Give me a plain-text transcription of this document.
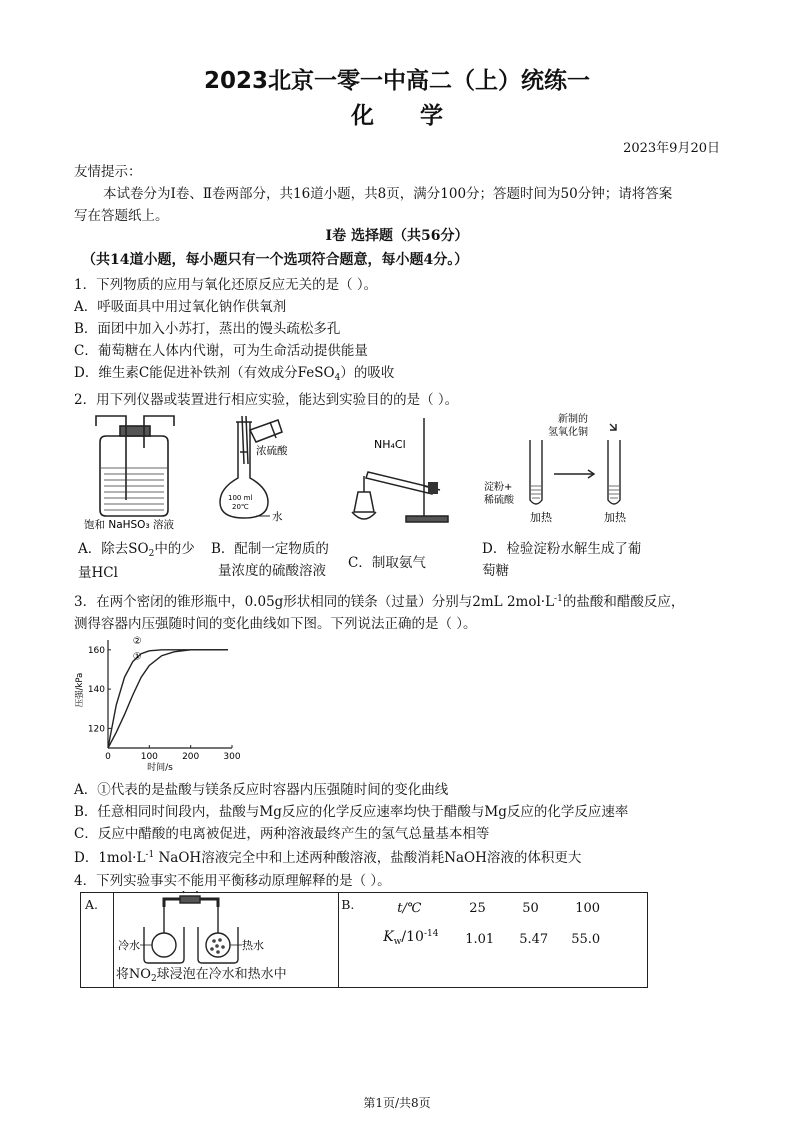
2023北京一零一中高二（上）统练一
化学
2023年9月20日
友情提示：
本试卷分为Ⅰ卷、Ⅱ卷两部分，共16道小题，共8页，满分100分；答题时间为50分钟；请将答案
写在答题纸上。
Ⅰ卷 选择题（共56分）
（共14道小题，每小题只有一个选项符合题意，每小题4分。）
1．下列物质的应用与氧化还原反应无关的是（ ）。
A．呼吸面具中用过氧化钠作供氧剂
B．面团中加入小苏打，蒸出的馒头疏松多孔
C．葡萄糖在人体内代谢，可为生命活动提供能量
D．维生素C能促进补铁剂（有效成分FeSO$_4$）的吸收
2．用下列仪器或装置进行相应实验，能达到实验目的的是（ ）。
饱和 NaHSO₃ 溶液
浓硫酸
100 ml
20℃
水
NH₄Cl
新制的
氢氧化铜
淀粉+
稀硫酸
加热	加热
A．除去$SO_2$中的少
量HCl
B．配制一定物质的
量浓度的硫酸溶液 C．制取氨气
D．检验淀粉水解生成了葡
萄糖
3．在两个密闭的锥形瓶中，0.05g形状相同的镁条（过量）分别与2mL $2mol\cdot L^{-1}$的盐酸和醋酸反应，
测得容器内压强随时间的变化曲线如下图。下列说法正确的是（ ）。
②
①
0	100	200	300
120
140
160
时间/s
压强/kPa
A．①代表的是盐酸与镁条反应时容器内压强随时间的变化曲线
B．任意相同时间段内，盐酸与Mg反应的化学反应速率均快于醋酸与Mg反应的化学反应速率
C．反应中醋酸的电离被促进，两种溶液最终产生的氢气总量基本相等
D．$1mol\cdot L^{-1}$ NaOH溶液完全中和上述两种酸溶液，盐酸消耗NaOH溶液的体积更大
4．下列实验事实不能用平衡移动原理解释的是（ ）。
A.

冷水	热水
将$NO_2$球浸泡在冷水和热水中

B.	t/℃	25	50	100
$K_w/10^{-14}$ 1.01 5.47 55.0
第1页/共8页
